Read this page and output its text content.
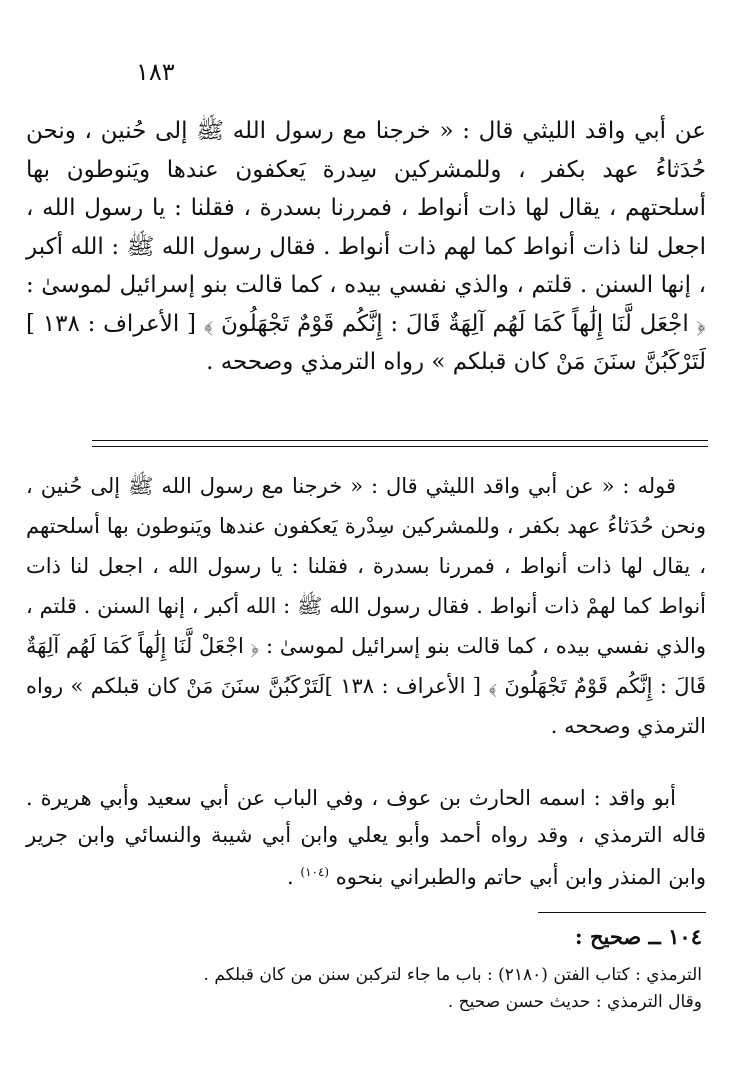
١٨٣

عن أبي واقد الليثي قال : « خرجنا مع رسول الله ﷺ إلى حُنين ، ونحن حُدَثاءُ عهد بكفر ، وللمشركين سِدرة يَعكفون عندها ويَنوطون بها أسلحتهم ، يقال لها ذات أنواط ، فمررنا بسدرة ، فقلنا : يا رسول الله ، اجعل لنا ذات أنواط كما لهم ذات أنواط . فقال رسول الله ﷺ : الله أكبر ، إنها السنن . قلتم ، والذي نفسي بيده ، كما قالت بنو إسرائيل لموسىٰ : ﴿ اجْعَل لَّنَا إِلَٰهاً كَمَا لَهُم آلِهَةٌ قَالَ : إِنَّكُم قَوْمٌ تَجْهَلُونَ ﴾ [ الأعراف : ١٣٨ ] لَتَرْكَبُنَّ سنَنَ مَنْ كان قبلكم » رواه الترمذي وصححه .

قوله : « عن أبي واقد الليثي قال : « خرجنا مع رسول الله ﷺ إلى حُنين ، ونحن حُدَثاءُ عهد بكفر ، وللمشركين سِدْرة يَعكفون عندها ويَنوطون بها أسلحتهم ، يقال لها ذات أنواط ، فمررنا بسدرة ، فقلنا : يا رسول الله ، اجعل لنا ذات أنواط كما لهمْ ذات أنواط . فقال رسول الله ﷺ : الله أكبر ، إنها السنن . قلتم ، والذي نفسي بيده ، كما قالت بنو إسرائيل لموسىٰ : ﴿ اجْعَلْ لَّنَا إِلَٰهاً كَمَا لَهُم آلِهَةٌ قَالَ : إِنَّكُم قَوْمٌ تَجْهَلُونَ ﴾ [ الأعراف : ١٣٨ ]لَتَرْكَبُنَّ سنَنَ مَنْ كان قبلكم » رواه الترمذي وصححه .

أبو واقد : اسمه الحارث بن عوف ، وفي الباب عن أبي سعيد وأبي هريرة . قاله الترمذي ، وقد رواه أحمد وأبو يعلي وابن أبي شيبة والنسائي وابن جرير وابن المنذر وابن أبي حاتم والطبراني بنحوه $^{(١٠٤)}$ .

١٠٤ ــ صحيح :
الترمذي : كتاب الفتن (٢١٨٠) : باب ما جاء لتركبن سنن من كان قبلكم .
وقال الترمذي : حديث حسن صحيح .
